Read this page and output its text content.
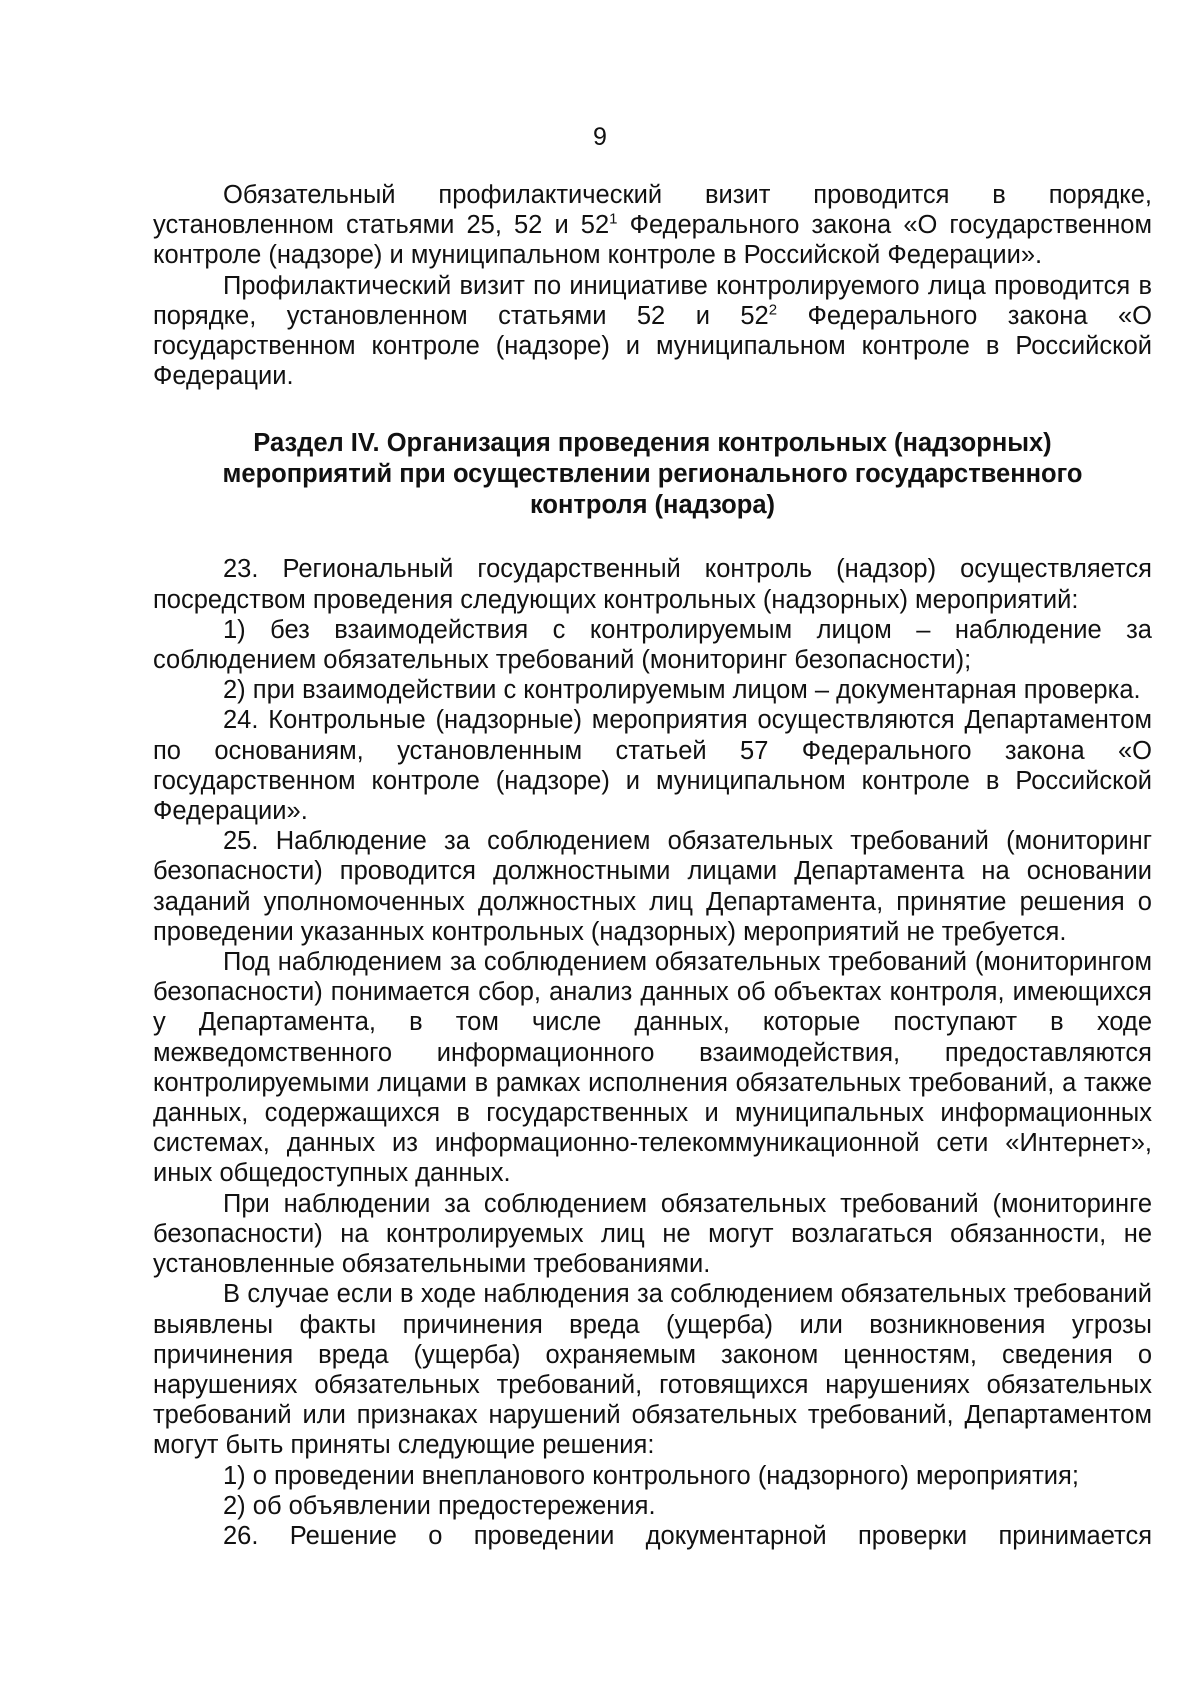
9

Обязательный профилактический визит проводится в порядке, установленном статьями 25, 52 и $52^1$ Федерального закона «О государственном контроле (надзоре) и муниципальном контроле в Российской Федерации».

Профилактический визит по инициативе контролируемого лица проводится в порядке, установленном статьями 52 и $52^2$ Федерального закона «О государственном контроле (надзоре) и муниципальном контроле в Российской Федерации.

Раздел IV. Организация проведения контрольных (надзорных)
мероприятий при осуществлении регионального государственного
контроля (надзора)

23. Региональный государственный контроль (надзор) осуществляется посредством проведения следующих контрольных (надзорных) мероприятий:

1) без взаимодействия с контролируемым лицом – наблюдение за соблюдением обязательных требований (мониторинг безопасности);

2) при взаимодействии с контролируемым лицом – документарная проверка.

24. Контрольные (надзорные) мероприятия осуществляются Департаментом по основаниям, установленным статьей 57 Федерального закона «О государственном контроле (надзоре) и муниципальном контроле в Российской Федерации».

25. Наблюдение за соблюдением обязательных требований (мониторинг безопасности) проводится должностными лицами Департамента на основании заданий уполномоченных должностных лиц Департамента, принятие решения о проведении указанных контрольных (надзорных) мероприятий не требуется.

Под наблюдением за соблюдением обязательных требований (мониторингом безопасности) понимается сбор, анализ данных об объектах контроля, имеющихся у Департамента, в том числе данных, которые поступают в ходе межведомственного информационного взаимодействия, предоставляются контролируемыми лицами в рамках исполнения обязательных требований, а также данных, содержащихся в государственных и муниципальных информационных системах, данных из информационно-телекоммуникационной сети «Интернет», иных общедоступных данных.

При наблюдении за соблюдением обязательных требований (мониторинге безопасности) на контролируемых лиц не могут возлагаться обязанности, не установленные обязательными требованиями.

В случае если в ходе наблюдения за соблюдением обязательных требований выявлены факты причинения вреда (ущерба) или возникновения угрозы причинения вреда (ущерба) охраняемым законом ценностям, сведения о нарушениях обязательных требований, готовящихся нарушениях обязательных требований или признаках нарушений обязательных требований, Департаментом могут быть приняты следующие решения:

1) о проведении внепланового контрольного (надзорного) мероприятия;

2) об объявлении предостережения.

26. Решение о проведении документарной проверки принимается
